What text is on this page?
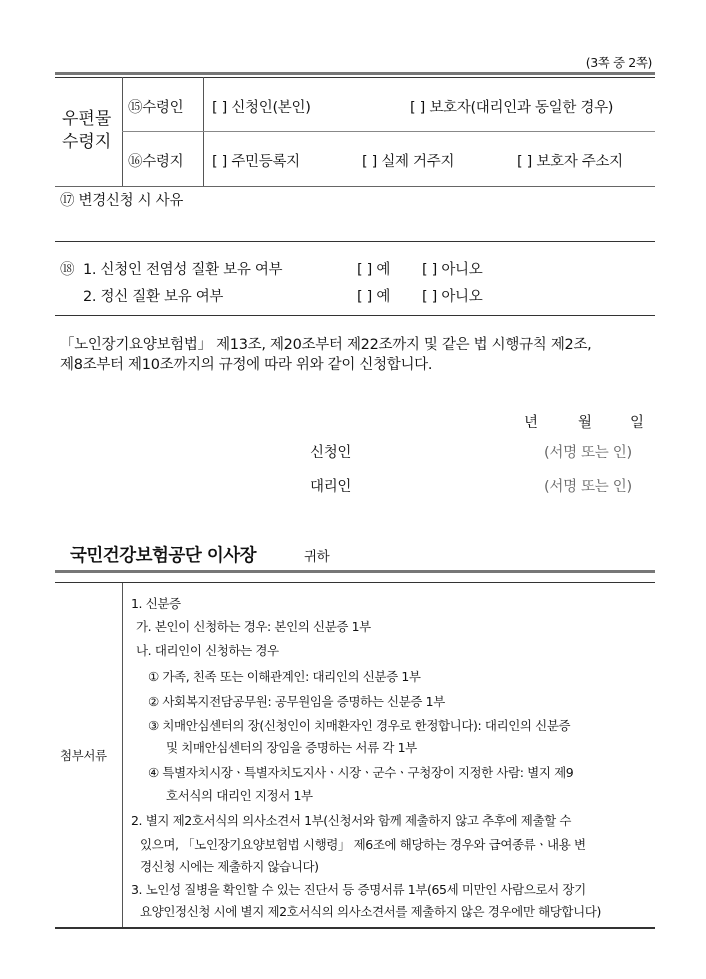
(3쪽 중 2쪽)
우편물
수령지
⑮수령인 [ ] 신청인(본인)	[ ] 보호자(대리인과 동일한 경우)
⑯수령지 [ ] 주민등록지	[ ] 실제 거주지	[ ] 보호자 주소지
⑰ 변경신청 시 사유
⑱ 1. 신청인 전염성 질환 보유 여부	[ ] 예 [ ] 아니오
2. 정신 질환 보유 여부	[ ] 예 [ ] 아니오
「노인장기요양보험법」 제13조, 제20조부터 제22조까지 및 같은 법 시행규칙 제2조,
제8조부터 제10조까지의 규정에 따라 위와 같이 신청합니다.
년	월	일
신청인	(서명 또는 인)
대리인	(서명 또는 인)
국민건강보험공단 이사장	귀하
첨부서류
1. 신분증
가. 본인이 신청하는 경우: 본인의 신분증 1부
나. 대리인이 신청하는 경우
① 가족, 친족 또는 이해관계인: 대리인의 신분증 1부
② 사회복지전담공무원: 공무원임을 증명하는 신분증 1부
③ 치매안심센터의 장(신청인이 치매환자인 경우로 한정합니다): 대리인의 신분증
및 치매안심센터의 장임을 증명하는 서류 각 1부
④ 특별자치시장ㆍ특별자치도지사ㆍ시장ㆍ군수ㆍ구청장이 지정한 사람: 별지 제9
호서식의 대리인 지정서 1부
2. 별지 제2호서식의 의사소견서 1부(신청서와 함께 제출하지 않고 추후에 제출할 수
있으며, 「노인장기요양보험법 시행령」 제6조에 해당하는 경우와 급여종류ㆍ내용 변
경신청 시에는 제출하지 않습니다)
3. 노인성 질병을 확인할 수 있는 진단서 등 증명서류 1부(65세 미만인 사람으로서 장기
요양인정신청 시에 별지 제2호서식의 의사소견서를 제출하지 않은 경우에만 해당합니다)
